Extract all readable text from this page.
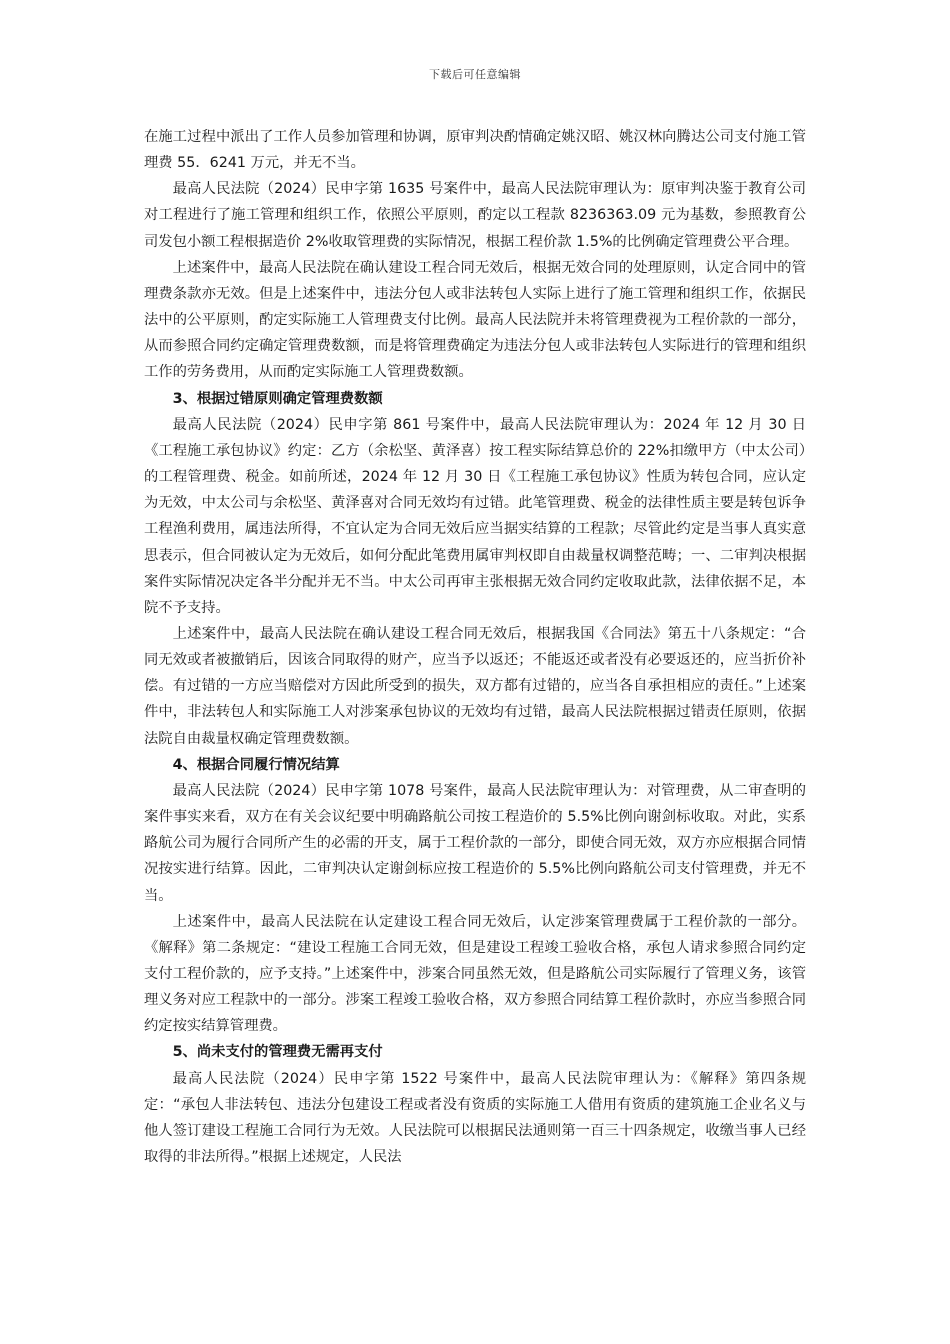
下载后可任意编辑

在施工过程中派出了工作人员参加管理和协调，原审判决酌情确定姚汉昭、姚汉林向腾达公司支付施工管理费 55．6241 万元，并无不当。

最高人民法院（2024）民申字第 1635 号案件中，最高人民法院审理认为：原审判决鉴于教育公司对工程进行了施工管理和组织工作，依照公平原则，酌定以工程款 8236363.09 元为基数，参照教育公司发包小额工程根据造价 2%收取管理费的实际情况，根据工程价款 1.5%的比例确定管理费公平合理。

上述案件中，最高人民法院在确认建设工程合同无效后，根据无效合同的处理原则，认定合同中的管理费条款亦无效。但是上述案件中，违法分包人或非法转包人实际上进行了施工管理和组织工作，依据民法中的公平原则，酌定实际施工人管理费支付比例。最高人民法院并未将管理费视为工程价款的一部分，从而参照合同约定确定管理费数额，而是将管理费确定为违法分包人或非法转包人实际进行的管理和组织工作的劳务费用，从而酌定实际施工人管理费数额。

3、根据过错原则确定管理费数额

最高人民法院（2024）民申字第 861 号案件中，最高人民法院审理认为：2024 年 12 月 30 日《工程施工承包协议》约定：乙方（余松坚、黄泽喜）按工程实际结算总价的 22%扣缴甲方（中太公司）的工程管理费、税金。如前所述，2024 年 12 月 30 日《工程施工承包协议》性质为转包合同，应认定为无效，中太公司与余松坚、黄泽喜对合同无效均有过错。此笔管理费、税金的法律性质主要是转包诉争工程渔利费用，属违法所得，不宜认定为合同无效后应当据实结算的工程款；尽管此约定是当事人真实意思表示，但合同被认定为无效后，如何分配此笔费用属审判权即自由裁量权调整范畴；一、二审判决根据案件实际情况决定各半分配并无不当。中太公司再审主张根据无效合同约定收取此款，法律依据不足，本院不予支持。

上述案件中，最高人民法院在确认建设工程合同无效后，根据我国《合同法》第五十八条规定：“合同无效或者被撤销后，因该合同取得的财产，应当予以返还；不能返还或者没有必要返还的，应当折价补偿。有过错的一方应当赔偿对方因此所受到的损失，双方都有过错的，应当各自承担相应的责任。”上述案件中，非法转包人和实际施工人对涉案承包协议的无效均有过错，最高人民法院根据过错责任原则，依据法院自由裁量权确定管理费数额。

4、根据合同履行情况结算

最高人民法院（2024）民申字第 1078 号案件，最高人民法院审理认为：对管理费，从二审查明的案件事实来看，双方在有关会议纪要中明确路航公司按工程造价的 5.5%比例向谢剑标收取。对此，实系路航公司为履行合同所产生的必需的开支，属于工程价款的一部分，即使合同无效，双方亦应根据合同情况按实进行结算。因此，二审判决认定谢剑标应按工程造价的 5.5%比例向路航公司支付管理费，并无不当。

上述案件中，最高人民法院在认定建设工程合同无效后，认定涉案管理费属于工程价款的一部分。《解释》第二条规定：“建设工程施工合同无效，但是建设工程竣工验收合格，承包人请求参照合同约定支付工程价款的，应予支持。”上述案件中，涉案合同虽然无效，但是路航公司实际履行了管理义务，该管理义务对应工程款中的一部分。涉案工程竣工验收合格，双方参照合同结算工程价款时，亦应当参照合同约定按实结算管理费。

5、尚未支付的管理费无需再支付

最高人民法院（2024）民申字第 1522 号案件中，最高人民法院审理认为：《解释》第四条规定：“承包人非法转包、违法分包建设工程或者没有资质的实际施工人借用有资质的建筑施工企业名义与他人签订建设工程施工合同行为无效。人民法院可以根据民法通则第一百三十四条规定，收缴当事人已经取得的非法所得。”根据上述规定，人民法
